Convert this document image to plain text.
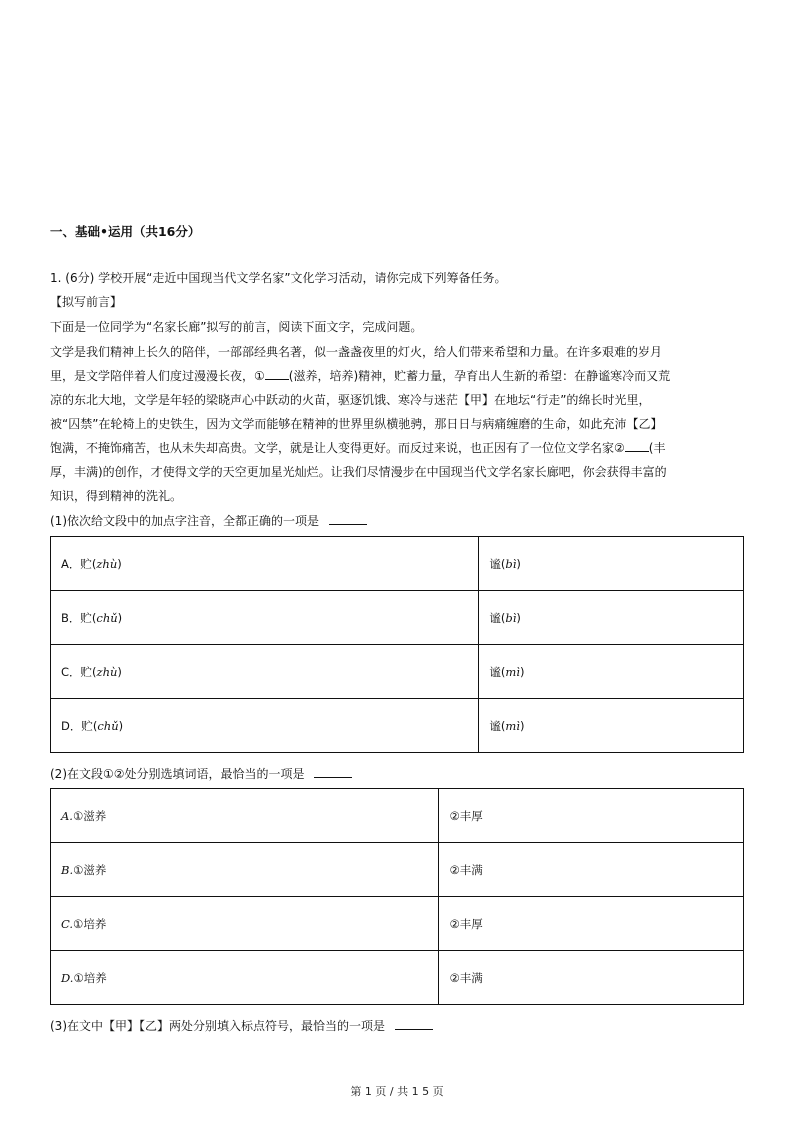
一、基础•运用（共16分）
1. (6分) 学校开展“走近中国现当代文学名家”文化学习活动，请你完成下列筹备任务。
【拟写前言】
下面是一位同学为“名家长廊”拟写的前言，阅读下面文字，完成问题。
文学是我们精神上长久的陪伴，一部部经典名著，似一盏盏夜里的灯火，给人们带来希望和力量。在许多艰难的岁月
里，是文学陪伴着人们度过漫漫长夜，① (滋养，培养)精神，贮蓄力量，孕育出人生新的希望：在静谧寒冷而又荒
凉的东北大地，文学是年轻的梁晓声心中跃动的火苗，驱逐饥饿、寒冷与迷茫【甲】在地坛“行走”的绵长时光里，
被“囚禁”在轮椅上的史铁生，因为文学而能够在精神的世界里纵横驰骋，那日日与病痛缠磨的生命，如此充沛【乙】
饱满，不掩饰痛苦，也从未失却高贵。文学，就是让人变得更好。而反过来说，也正因有了一位位文学名家② (丰
厚，丰满)的创作，才使得文学的天空更加星光灿烂。让我们尽情漫步在中国现当代文学名家长廊吧，你会获得丰富的
知识，得到精神的洗礼。
(1)依次给文段中的加点字注音，全都正确的一项是
A．贮(zhù)	谧(bì)
B．贮(chǔ)	谧(bì)
C．贮(zhù)	谧(mì)
D．贮(chǔ)	谧(mì)
(2)在文段①②处分别选填词语，最恰当的一项是
A.①滋养	②丰厚
B.①滋养	②丰满
C.①培养	②丰厚
D.①培养	②丰满
(3)在文中【甲】【乙】两处分别填入标点符号，最恰当的一项是
第 1 页 / 共 1 5 页
